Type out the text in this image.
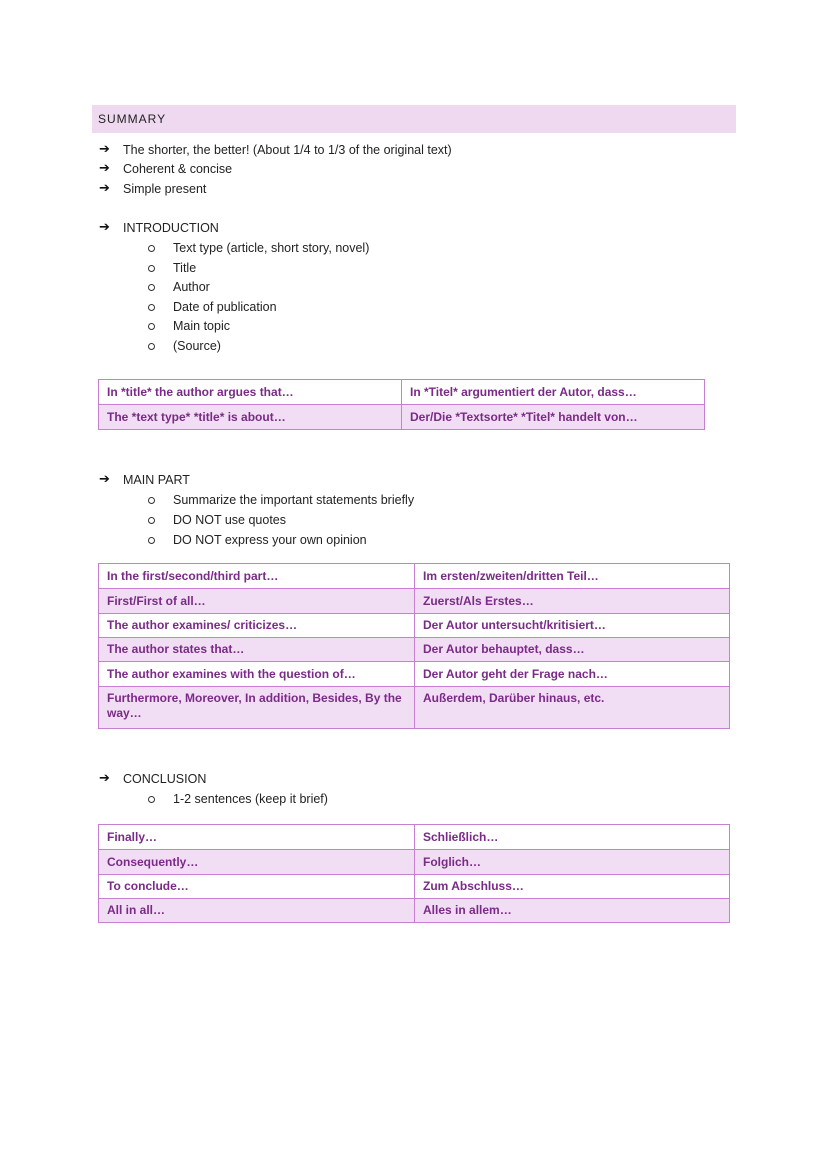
SUMMARY
➔ The shorter, the better! (About 1/4 to 1/3 of the original text)
➔ Coherent & concise
➔ Simple present
➔ INTRODUCTION
Text type (article, short story, novel)
Title
Author
Date of publication
Main topic
(Source)
In *title* the author argues that…	In *Titel* argumentiert der Autor, dass…
The *text type* *title* is about…	Der/Die *Textsorte* *Titel* handelt von…
➔ MAIN PART
Summarize the important statements briefly
DO NOT use quotes
DO NOT express your own opinion
In the first/second/third part…	Im ersten/zweiten/dritten Teil…
First/First of all…	Zuerst/Als Erstes…
The author examines/ criticizes…	Der Autor untersucht/kritisiert…
The author states that…	Der Autor behauptet, dass…
The author examines with the question of…	Der Autor geht der Frage nach…
Furthermore, Moreover, In addition, Besides, By the way…	Außerdem, Darüber hinaus, etc.
➔ CONCLUSION
1-2 sentences (keep it brief)
Finally…	Schließlich…
Consequently…	Folglich…
To conclude…	Zum Abschluss…
All in all…	Alles in allem…
